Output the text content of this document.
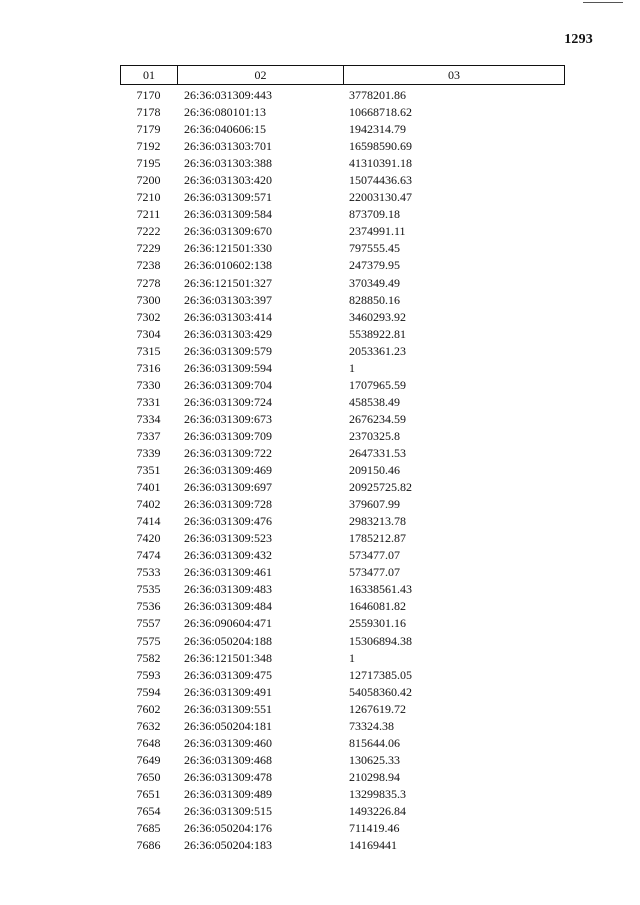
1293
01	02	03
7170	26:36:031309:443	3778201.86
7178	26:36:080101:13	10668718.62
7179	26:36:040606:15	1942314.79
7192	26:36:031303:701	16598590.69
7195	26:36:031303:388	41310391.18
7200	26:36:031303:420	15074436.63
7210	26:36:031309:571	22003130.47
7211	26:36:031309:584	873709.18
7222	26:36:031309:670	2374991.11
7229	26:36:121501:330	797555.45
7238	26:36:010602:138	247379.95
7278	26:36:121501:327	370349.49
7300	26:36:031303:397	828850.16
7302	26:36:031303:414	3460293.92
7304	26:36:031303:429	5538922.81
7315	26:36:031309:579	2053361.23
7316	26:36:031309:594	1
7330	26:36:031309:704	1707965.59
7331	26:36:031309:724	458538.49
7334	26:36:031309:673	2676234.59
7337	26:36:031309:709	2370325.8
7339	26:36:031309:722	2647331.53
7351	26:36:031309:469	209150.46
7401	26:36:031309:697	20925725.82
7402	26:36:031309:728	379607.99
7414	26:36:031309:476	2983213.78
7420	26:36:031309:523	1785212.87
7474	26:36:031309:432	573477.07
7533	26:36:031309:461	573477.07
7535	26:36:031309:483	16338561.43
7536	26:36:031309:484	1646081.82
7557	26:36:090604:471	2559301.16
7575	26:36:050204:188	15306894.38
7582	26:36:121501:348	1
7593	26:36:031309:475	12717385.05
7594	26:36:031309:491	54058360.42
7602	26:36:031309:551	1267619.72
7632	26:36:050204:181	73324.38
7648	26:36:031309:460	815644.06
7649	26:36:031309:468	130625.33
7650	26:36:031309:478	210298.94
7651	26:36:031309:489	13299835.3
7654	26:36:031309:515	1493226.84
7685	26:36:050204:176	711419.46
7686	26:36:050204:183	14169441
